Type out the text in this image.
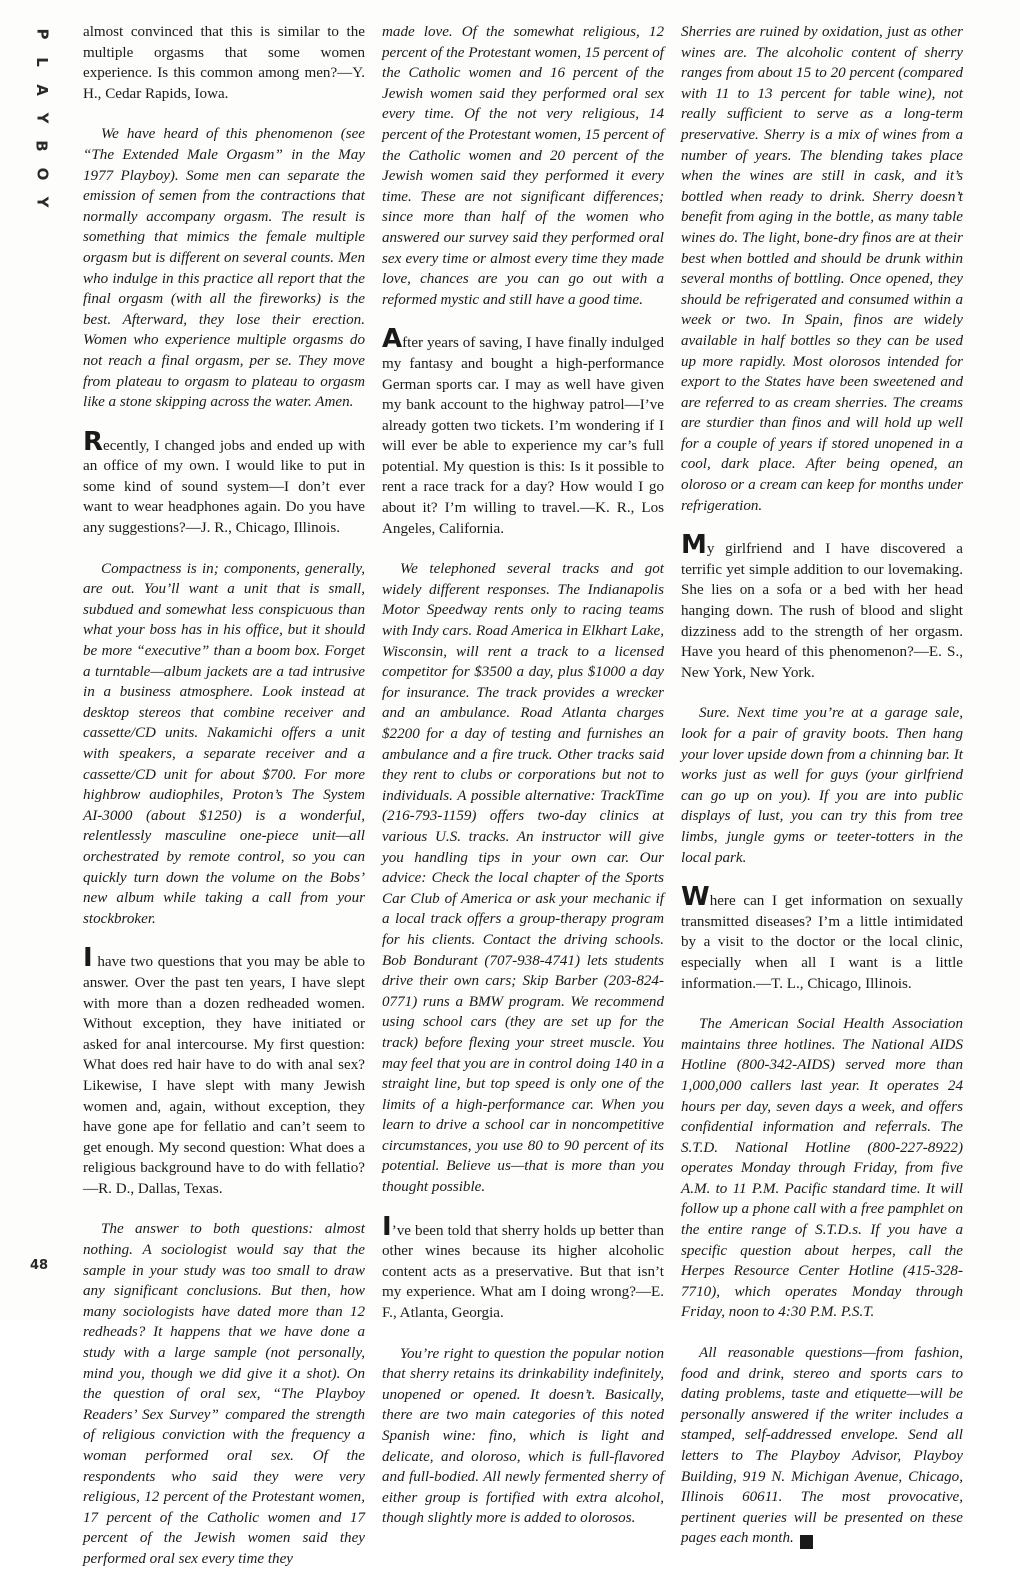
P
L
A
Y
B
O
Y
48

almost convinced that this is similar to the multiple orgasms that some women experience. Is this common among men?—Y. H., Cedar Rapids, Iowa.

We have heard of this phenomenon (see “The Extended Male Orgasm” in the May 1977 Playboy). Some men can separate the emission of semen from the contractions that normally accompany orgasm. The result is something that mimics the female multiple orgasm but is different on several counts. Men who indulge in this practice all report that the final orgasm (with all the fireworks) is the best. Afterward, they lose their erection. Women who experience multiple orgasms do not reach a final orgasm, per se. They move from plateau to orgasm to plateau to orgasm like a stone skipping across the water. Amen.

Recently, I changed jobs and ended up with an office of my own. I would like to put in some kind of sound system—I don’t ever want to wear headphones again. Do you have any suggestions?—J. R., Chicago, Illinois.

Compactness is in; components, generally, are out. You’ll want a unit that is small, subdued and somewhat less conspicuous than what your boss has in his office, but it should be more “executive” than a boom box. Forget a turntable—album jackets are a tad intrusive in a business atmosphere. Look instead at desktop stereos that combine receiver and cassette/CD units. Nakamichi offers a unit with speakers, a separate receiver and a cassette/CD unit for about $700. For more highbrow audiophiles, Proton’s The System AI-3000 (about $1250) is a wonderful, relentlessly masculine one-piece unit—all orchestrated by remote control, so you can quickly turn down the volume on the Bobs’ new album while taking a call from your stockbroker.

I have two questions that you may be able to answer. Over the past ten years, I have slept with more than a dozen redheaded women. Without exception, they have initiated or asked for anal intercourse. My first question: What does red hair have to do with anal sex? Likewise, I have slept with many Jewish women and, again, without exception, they have gone ape for fellatio and can’t seem to get enough. My second question: What does a religious background have to do with fellatio?—R. D., Dallas, Texas.

The answer to both questions: almost nothing. A sociologist would say that the sample in your study was too small to draw any significant conclusions. But then, how many sociologists have dated more than 12 redheads? It happens that we have done a study with a large sample (not personally, mind you, though we did give it a shot). On the question of oral sex, “The Playboy Readers’ Sex Survey” compared the strength of religious conviction with the frequency a woman performed oral sex. Of the respondents who said they were very religious, 12 percent of the Protestant women, 17 percent of the Catholic women and 17 percent of the Jewish women said they performed oral sex every time they

made love. Of the somewhat religious, 12 percent of the Protestant women, 15 percent of the Catholic women and 16 percent of the Jewish women said they performed oral sex every time. Of the not very religious, 14 percent of the Protestant women, 15 percent of the Catholic women and 20 percent of the Jewish women said they performed it every time. These are not significant differences; since more than half of the women who answered our survey said they performed oral sex every time or almost every time they made love, chances are you can go out with a reformed mystic and still have a good time.

After years of saving, I have finally indulged my fantasy and bought a high-performance German sports car. I may as well have given my bank account to the highway patrol—I’ve already gotten two tickets. I’m wondering if I will ever be able to experience my car’s full potential. My question is this: Is it possible to rent a race track for a day? How would I go about it? I’m willing to travel.—K. R., Los Angeles, California.

We telephoned several tracks and got widely different responses. The Indianapolis Motor Speedway rents only to racing teams with Indy cars. Road America in Elkhart Lake, Wisconsin, will rent a track to a licensed competitor for $3500 a day, plus $1000 a day for insurance. The track provides a wrecker and an ambulance. Road Atlanta charges $2200 for a day of testing and furnishes an ambulance and a fire truck. Other tracks said they rent to clubs or corporations but not to individuals. A possible alternative: TrackTime (216-793-1159) offers two-day clinics at various U.S. tracks. An instructor will give you handling tips in your own car. Our advice: Check the local chapter of the Sports Car Club of America or ask your mechanic if a local track offers a group-therapy program for his clients. Contact the driving schools. Bob Bondurant (707-938-4741) lets students drive their own cars; Skip Barber (203-824-0771) runs a BMW program. We recommend using school cars (they are set up for the track) before flexing your street muscle. You may feel that you are in control doing 140 in a straight line, but top speed is only one of the limits of a high-performance car. When you learn to drive a school car in noncompetitive circumstances, you use 80 to 90 percent of its potential. Believe us—that is more than you thought possible.

I’ve been told that sherry holds up better than other wines because its higher alcoholic content acts as a preservative. But that isn’t my experience. What am I doing wrong?—E. F., Atlanta, Georgia.

You’re right to question the popular notion that sherry retains its drinkability indefinitely, unopened or opened. It doesn’t. Basically, there are two main categories of this noted Spanish wine: fino, which is light and delicate, and oloroso, which is full-flavored and full-bodied. All newly fermented sherry of either group is fortified with extra alcohol, though slightly more is added to olorosos.

Sherries are ruined by oxidation, just as other wines are. The alcoholic content of sherry ranges from about 15 to 20 percent (compared with 11 to 13 percent for table wine), not really sufficient to serve as a long-term preservative. Sherry is a mix of wines from a number of years. The blending takes place when the wines are still in cask, and it’s bottled when ready to drink. Sherry doesn’t benefit from aging in the bottle, as many table wines do. The light, bone-dry finos are at their best when bottled and should be drunk within several months of bottling. Once opened, they should be refrigerated and consumed within a week or two. In Spain, finos are widely available in half bottles so they can be used up more rapidly. Most olorosos intended for export to the States have been sweetened and are referred to as cream sherries. The creams are sturdier than finos and will hold up well for a couple of years if stored unopened in a cool, dark place. After being opened, an oloroso or a cream can keep for months under refrigeration.

My girlfriend and I have discovered a terrific yet simple addition to our lovemaking. She lies on a sofa or a bed with her head hanging down. The rush of blood and slight dizziness add to the strength of her orgasm. Have you heard of this phenomenon?—E. S., New York, New York.

Sure. Next time you’re at a garage sale, look for a pair of gravity boots. Then hang your lover upside down from a chinning bar. It works just as well for guys (your girlfriend can go up on you). If you are into public displays of lust, you can try this from tree limbs, jungle gyms or teeter-totters in the local park.

Where can I get information on sexually transmitted diseases? I’m a little intimidated by a visit to the doctor or the local clinic, especially when all I want is a little information.—T. L., Chicago, Illinois.

The American Social Health Association maintains three hotlines. The National AIDS Hotline (800-342-AIDS) served more than 1,000,000 callers last year. It operates 24 hours per day, seven days a week, and offers confidential information and referrals. The S.T.D. National Hotline (800-227-8922) operates Monday through Friday, from five A.M. to 11 P.M. Pacific standard time. It will follow up a phone call with a free pamphlet on the entire range of S.T.D.s. If you have a specific question about herpes, call the Herpes Resource Center Hotline (415-328-7710), which operates Monday through Friday, noon to 4:30 P.M. P.S.T.

All reasonable questions—from fashion, food and drink, stereo and sports cars to dating problems, taste and etiquette—will be personally answered if the writer includes a stamped, self-addressed envelope. Send all letters to The Playboy Advisor, Playboy Building, 919 N. Michigan Avenue, Chicago, Illinois 60611. The most provocative, pertinent queries will be presented on these pages each month. ❦
